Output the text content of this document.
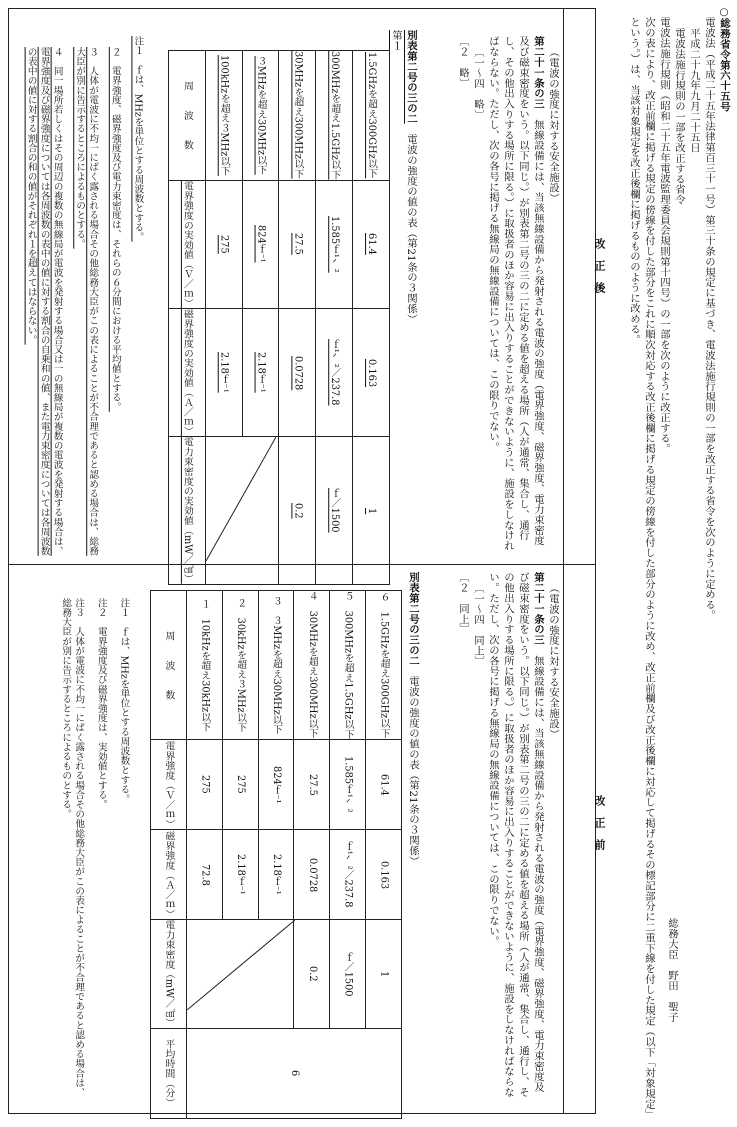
○総務省令第六十五号

電波法（平成二十五年法律第百三十一号）第三十条の規定に基づき、電波法施行規則の一部を改正する省令を次のように定める。

平成二十九年九月二十五日

電波法施行規則の一部を改正する省令

電波法施行規則（昭和二十五年電波監理委員会規則第十四号）の一部を次のように改正する。

次の表により、改正前欄に掲げる規定の傍線を付した部分をこれに順次対応する改正後欄に掲げる規定の傍線を付した部分のように改め、改正前欄及び改正後欄に対応して掲げるその標記部分に二重下線を付した規定（以下「対象規定」という。）は、当該対象規定を改正後欄に掲げるもののように改める。

総務大臣　野田　聖子
改　正　後
改　正　前

（電波の強度に対する安全施設）

第二十一条の三　無線設備には、当該無線設備から発射される電波の強度（電界強度、磁界強度、電力束密度及び磁束密度をいう。以下同じ。）が別表第二号の三の二に定める値を超える場所（人が通常、集合し、通行し、その他出入りする場所に限る。）に取扱者のほか容易に出入りすることができないように、施設をしなければならない。ただし、次の各号に掲げる無線局の無線設備については、この限りでない。

〔一～四　略〕

〔２　略〕

別表第二号の三の二　電波の強度の値の表（第21条の３関係）

第１

周　　波　　数	100kHzを超え３MHz以下	３MHzを超え30MHz以下	30MHzを超え300MHz以下	300MHzを超え1.5GHz以下	1.5GHzを超え300GHz以下

電界強度の実効値（Ｖ／ｍ）	275	824ｆ⁻¹	27.5	1.585ｆ¹ᐟ²	61.4

磁界強度の実効値（Ａ／ｍ）	2.18ｆ⁻¹	2.18ｆ⁻¹	0.0728	ｆ¹ᐟ²／237.8	0.163

電力束密度の実効値（mW／㎠）			0.2	ｆ／1500	1

注１　ｆは、MHzを単位とする周波数とする。

２　電界強度、磁界強度及び電力束密度は、それらの６分間における平均値とする。

３　人体が電波に不均一にばく露される場合その他総務大臣がこの表によることが不合理であると認める場合は、総務大臣が別に告示するところによるものとする。

４　同一場所若しくはその周辺の複数の無線局が電波を発射する場合又は一の無線局が複数の電波を発射する場合は、電界強度及び磁界強度については各周波数の表中の値に対する割合の自乗和の値、また電力束密度については各周波数の表中の値に対する割合の和の値がそれぞれ１を超えてはならない。

（電波の強度に対する安全施設）

第二十一条の三　無線設備には、当該無線設備から発射される電波の強度（電界強度、磁界強度、電力束密度及び磁束密度をいう。以下同じ。）が別表第二号の三の二に定める値を超える場所（人が通常、集合し、通行し、その他出入りする場所に限る。）に取扱者のほか容易に出入りすることができないように、施設をしなければならない。ただし、次の各号に掲げる無線局の無線設備については、この限りでない。

〔一～四　同上〕

〔２　同上〕

別表第二号の三の二　電波の強度の値の表（第21条の３関係）

周　　波　　数	１　10kHzを超え30kHz以下	２　30kHzを超え３MHz以下	３　３MHzを超え30MHz以下	４　30MHzを超え300MHz以下	５　300MHzを超え1.5GHz以下	６　1.5GHzを超え300GHz以下

電界強度（Ｖ／ｍ）	275	275	824ｆ⁻¹	27.5	1.585ｆ¹ᐟ²	61.4

磁界強度（Ａ／ｍ）	72.8	2.18ｆ⁻¹	2.18ｆ⁻¹	0.0728	ｆ¹ᐟ²／237.8	0.163

電力束密度（mW／㎠）				0.2	ｆ／1500	1

平均時間（分）	6					

注１　ｆは、MHzを単位とする周波数とする。

注２　電界強度及び磁界強度は、実効値とする。

注３　人体が電波に不均一にばく露される場合その他総務大臣がこの表によることが不合理であると認める場合は、総務大臣が別に告示するところによるものとする。
